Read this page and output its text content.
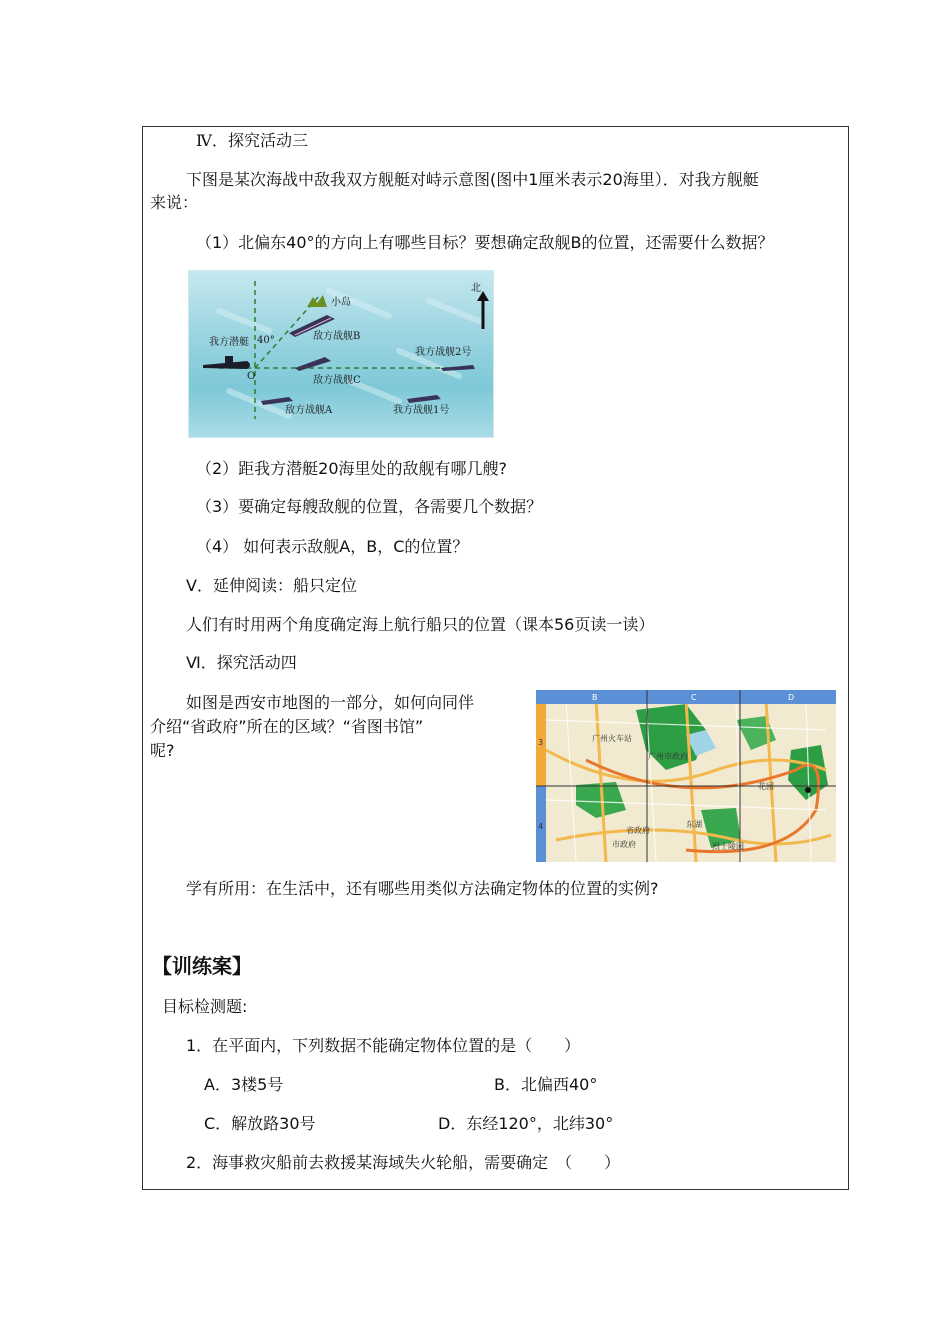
Ⅳ．探究活动三
下图是某次海战中敌我双方舰艇对峙示意图(图中1厘米表示20海里）．对我方舰艇
来说：
（1）北偏东40°的方向上有哪些目标？要想确定敌舰B的位置，还需要什么数据？
北
小岛
我方潜艇 40°
O
敌方战舰B
敌方战舰C
我方战舰2号
敌方战舰A	我方战舰1号
（2）距我方潜艇20海里处的敌舰有哪几艘?
（3）要确定每艘敌舰的位置，各需要几个数据？
（4） 如何表示敌舰A，B，C的位置？
Ⅴ．延伸阅读：船只定位
人们有时用两个角度确定海上航行船只的位置（课本56页读一读）
Ⅵ．探究活动四
如图是西安市地图的一部分，如何向同伴
介绍“省政府”所在的区域？“省图书馆”
呢?
B	C	D
3
4
广州火车站
广州市政府
省政府
市政府
东湖
烈士陵园
花园
学有所用：在生活中，还有哪些用类似方法确定物体的位置的实例?
【训练案】
目标检测题:
1．在平面内，下列数据不能确定物体位置的是（　　）
A．3楼5号	B．北偏西40°
C．解放路30号	D．东经120°，北纬30°
2．海事救灾船前去救援某海域失火轮船，需要确定　（　　）
